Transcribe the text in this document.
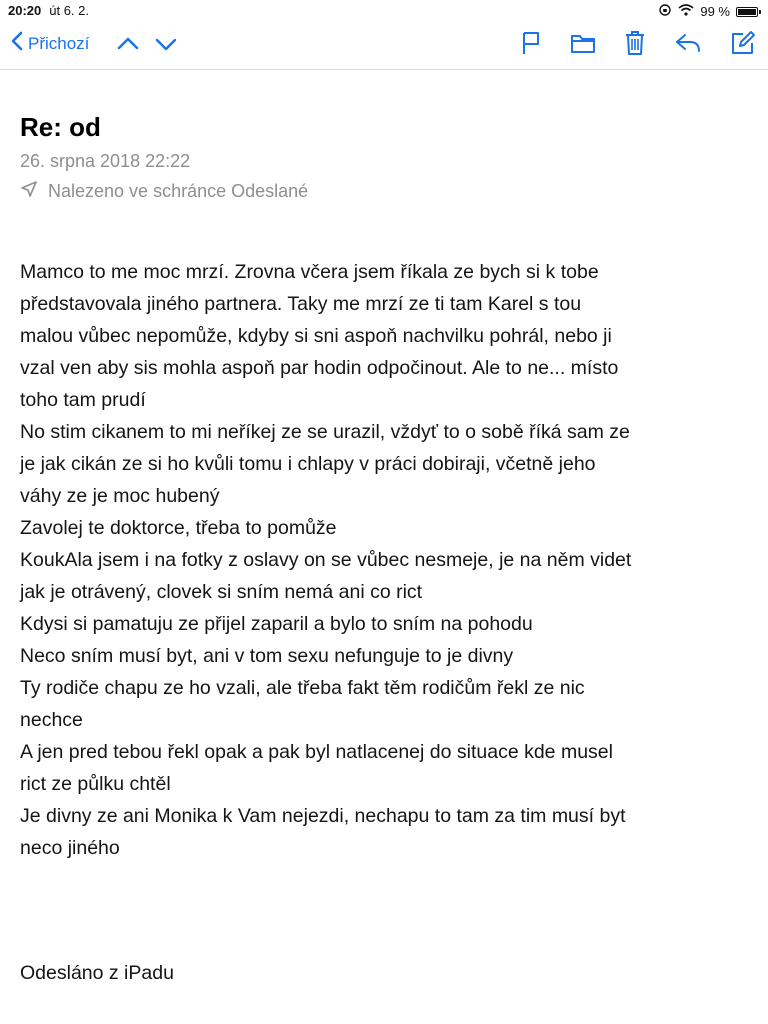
20:20 út 6. 2.	99 %
Přichozí
Re: od
26. srpna 2018 22:22
Nalezeno ve schránce Odeslané
Mamco to me moc mrzí. Zrovna včera jsem říkala ze bych si k tobe
představovala jiného partnera. Taky me mrzí ze ti tam Karel s tou
malou vůbec nepomůže, kdyby si sni aspoň nachvilku pohrál, nebo ji
vzal ven aby sis mohla aspoň par hodin odpočinout. Ale to ne... místo
toho tam prudí
No stim cikanem to mi neříkej ze se urazil, vždyť to o sobě říká sam ze
je jak cikán ze si ho kvůli tomu i chlapy v práci dobiraji, včetně jeho
váhy ze je moc hubený
Zavolej te doktorce, třeba to pomůže
KoukAla jsem i na fotky z oslavy on se vůbec nesmeje, je na něm videt
jak je otrávený, clovek si sním nemá ani co rict
Kdysi si pamatuju ze přijel zaparil a bylo to sním na pohodu
Neco sním musí byt, ani v tom sexu nefunguje to je divny
Ty rodiče chapu ze ho vzali, ale třeba fakt těm rodičům řekl ze nic
nechce
A jen pred tebou řekl opak a pak byl natlacenej do situace kde musel
rict ze půlku chtěl
Je divny ze ani Monika k Vam nejezdi, nechapu to tam za tim musí byt
neco jiného
Odesláno z iPadu
